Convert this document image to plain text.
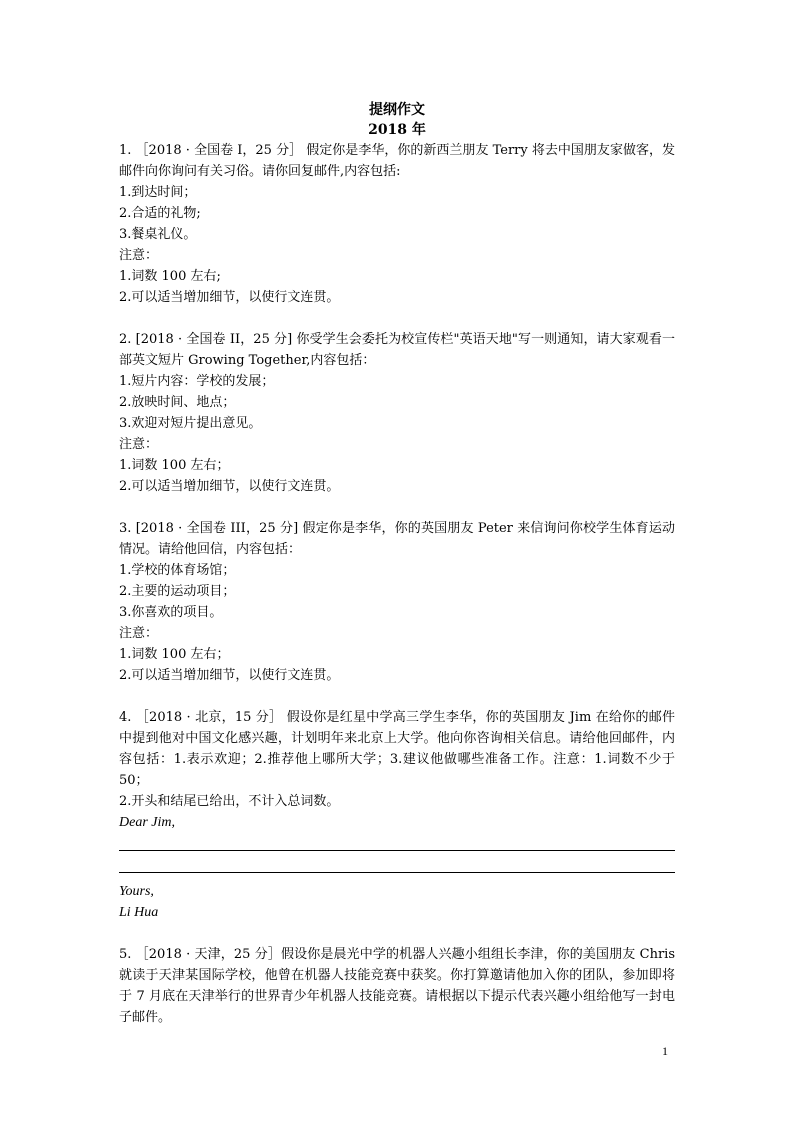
提纲作文
2018 年
1. ［2018 · 全国卷 I，25 分］ 假定你是李华，你的新西兰朋友 Terry 将去中国朋友家做客，发邮件向你询问有关习俗。请你回复邮件,内容包括:
1.到达时间；
2.合适的礼物;
3.餐桌礼仪。
注意：
1.词数 100 左右;
2.可以适当增加细节，以使行文连贯。
2. [2018 · 全国卷 II，25 分] 你受学生会委托为校宣传栏"英语天地"写一则通知，请大家观看一部英文短片 Growing Together,内容包括：
1.短片内容：学校的发展；
2.放映时间、地点；
3.欢迎对短片提出意见。
注意：
1.词数 100 左右；
2.可以适当增加细节，以使行文连贯。
3. [2018 · 全国卷 III，25 分] 假定你是李华，你的英国朋友 Peter 来信询问你校学生体育运动情况。请给他回信，内容包括：
1.学校的体育场馆；
2.主要的运动项目；
3.你喜欢的项目。
注意：
1.词数 100 左右；
2.可以适当增加细节，以使行文连贯。
4. ［2018 · 北京，15 分］ 假设你是红星中学高三学生李华，你的英国朋友 Jim 在给你的邮件中提到他对中国文化感兴趣，计划明年来北京上大学。他向你咨询相关信息。请给他回邮件，内容包括：1.表示欢迎；2.推荐他上哪所大学；3.建议他做哪些准备工作。注意：1.词数不少于 50；
2.开头和结尾已给出，不计入总词数。
Dear Jim,
Yours,
Li Hua
5. ［2018 · 天津，25 分］假设你是晨光中学的机器人兴趣小组组长李津，你的美国朋友 Chris 就读于天津某国际学校，他曾在机器人技能竞赛中获奖。你打算邀请他加入你的团队，参加即将于 7 月底在天津举行的世界青少年机器人技能竞赛。请根据以下提示代表兴趣小组给他写一封电子邮件。
1
